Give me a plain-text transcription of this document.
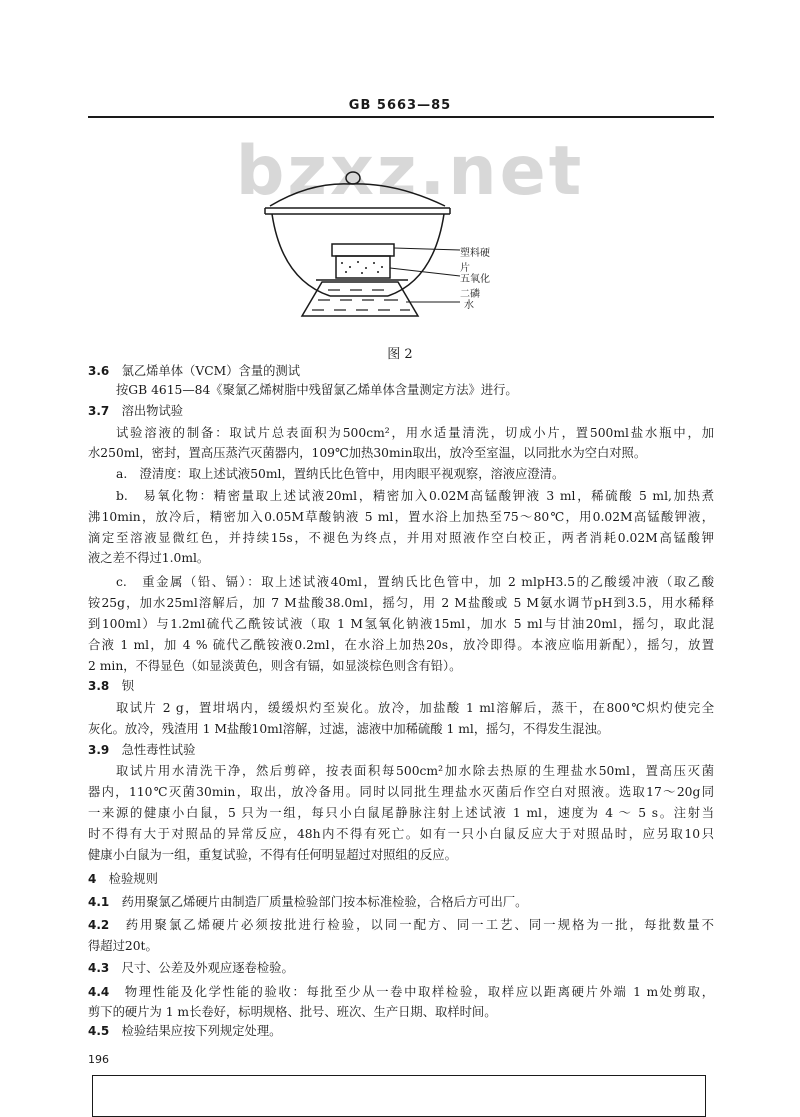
GB 5663—85
bzxz.net
塑料硬片
五氧化二磷
水
图 2
3.6　 氯乙烯单体（VCM）含量的测试
按GB 4615—84《聚氯乙烯树脂中残留氯乙烯单体含量测定方法》进行。
3.7　 溶出物试验
试验溶液的制备：取试片总表面积为500cm²，用水适量清洗，切成小片，置500ml盐水瓶中，加
水250ml，密封，置高压蒸汽灭菌器内，109℃加热30min取出，放冷至室温，以同批水为空白对照。
a.　澄清度：取上述试液50ml，置纳氏比色管中，用肉眼平视观察，溶液应澄清。
b.　易氧化物：精密量取上述试液20ml，精密加入0.02M高锰酸钾液 3 ml，稀硫酸 5 ml,加热煮
沸10min，放冷后，精密加入0.05M草酸钠液 5 ml，置水浴上加热至75～80℃，用0.02M高锰酸钾液，
滴定至溶液显微红色，并持续15s，不褪色为终点，并用对照液作空白校正，两者消耗0.02M高锰酸钾
液之差不得过1.0ml。
c.　重金属（铅、镉）：取上述试液40ml，置纳氏比色管中，加 2 mlpH3.5的乙酸缓冲液（取乙酸
铵25g，加水25ml溶解后，加 7 M盐酸38.0ml，摇匀，用 2 M盐酸或 5 M氨水调节pH到3.5，用水稀释
到100ml）与1.2ml硫代乙酰铵试液（取 1 M氢氧化钠液15ml，加水 5 ml与甘油20ml，摇匀，取此混
合液 1 ml，加 4 % 硫代乙酰铵液0.2ml，在水浴上加热20s，放冷即得。本液应临用新配），摇匀，放置
2 min，不得显色（如显淡黄色，则含有镉，如显淡棕色则含有铅）。
3.8　 钡
取试片 2 g，置坩埚内，缓缓炽灼至炭化。放冷，加盐酸 1 ml溶解后，蒸干，在800℃炽灼使完全
灰化。放冷，残渣用 1 M盐酸10ml溶解，过滤，滤液中加稀硫酸 1 ml，摇匀，不得发生混浊。
3.9　 急性毒性试验
取试片用水清洗干净，然后剪碎，按表面积每500cm²加水除去热原的生理盐水50ml，置高压灭菌
器内，110℃灭菌30min，取出，放冷备用。同时以同批生理盐水灭菌后作空白对照液。选取17～20g同
一来源的健康小白鼠，5 只为一组，每只小白鼠尾静脉注射上述试液 1 ml，速度为 4 ～ 5 s。注射当
时不得有大于对照品的异常反应，48h内不得有死亡。如有一只小白鼠反应大于对照品时，应另取10只
健康小白鼠为一组，重复试验，不得有任何明显超过对照组的反应。
4　 检验规则
4.1　 药用聚氯乙烯硬片由制造厂质量检验部门按本标准检验，合格后方可出厂。
4.2　 药用聚氯乙烯硬片必须按批进行检验，以同一配方、同一工艺、同一规格为一批，每批数量不
得超过20t。
4.3　 尺寸、公差及外观应逐卷检验。
4.4　 物理性能及化学性能的验收：每批至少从一卷中取样检验，取样应以距离硬片外端 1 m处剪取，
剪下的硬片为 1 m长卷好，标明规格、批号、班次、生产日期、取样时间。
4.5　 检验结果应按下列规定处理。
196
